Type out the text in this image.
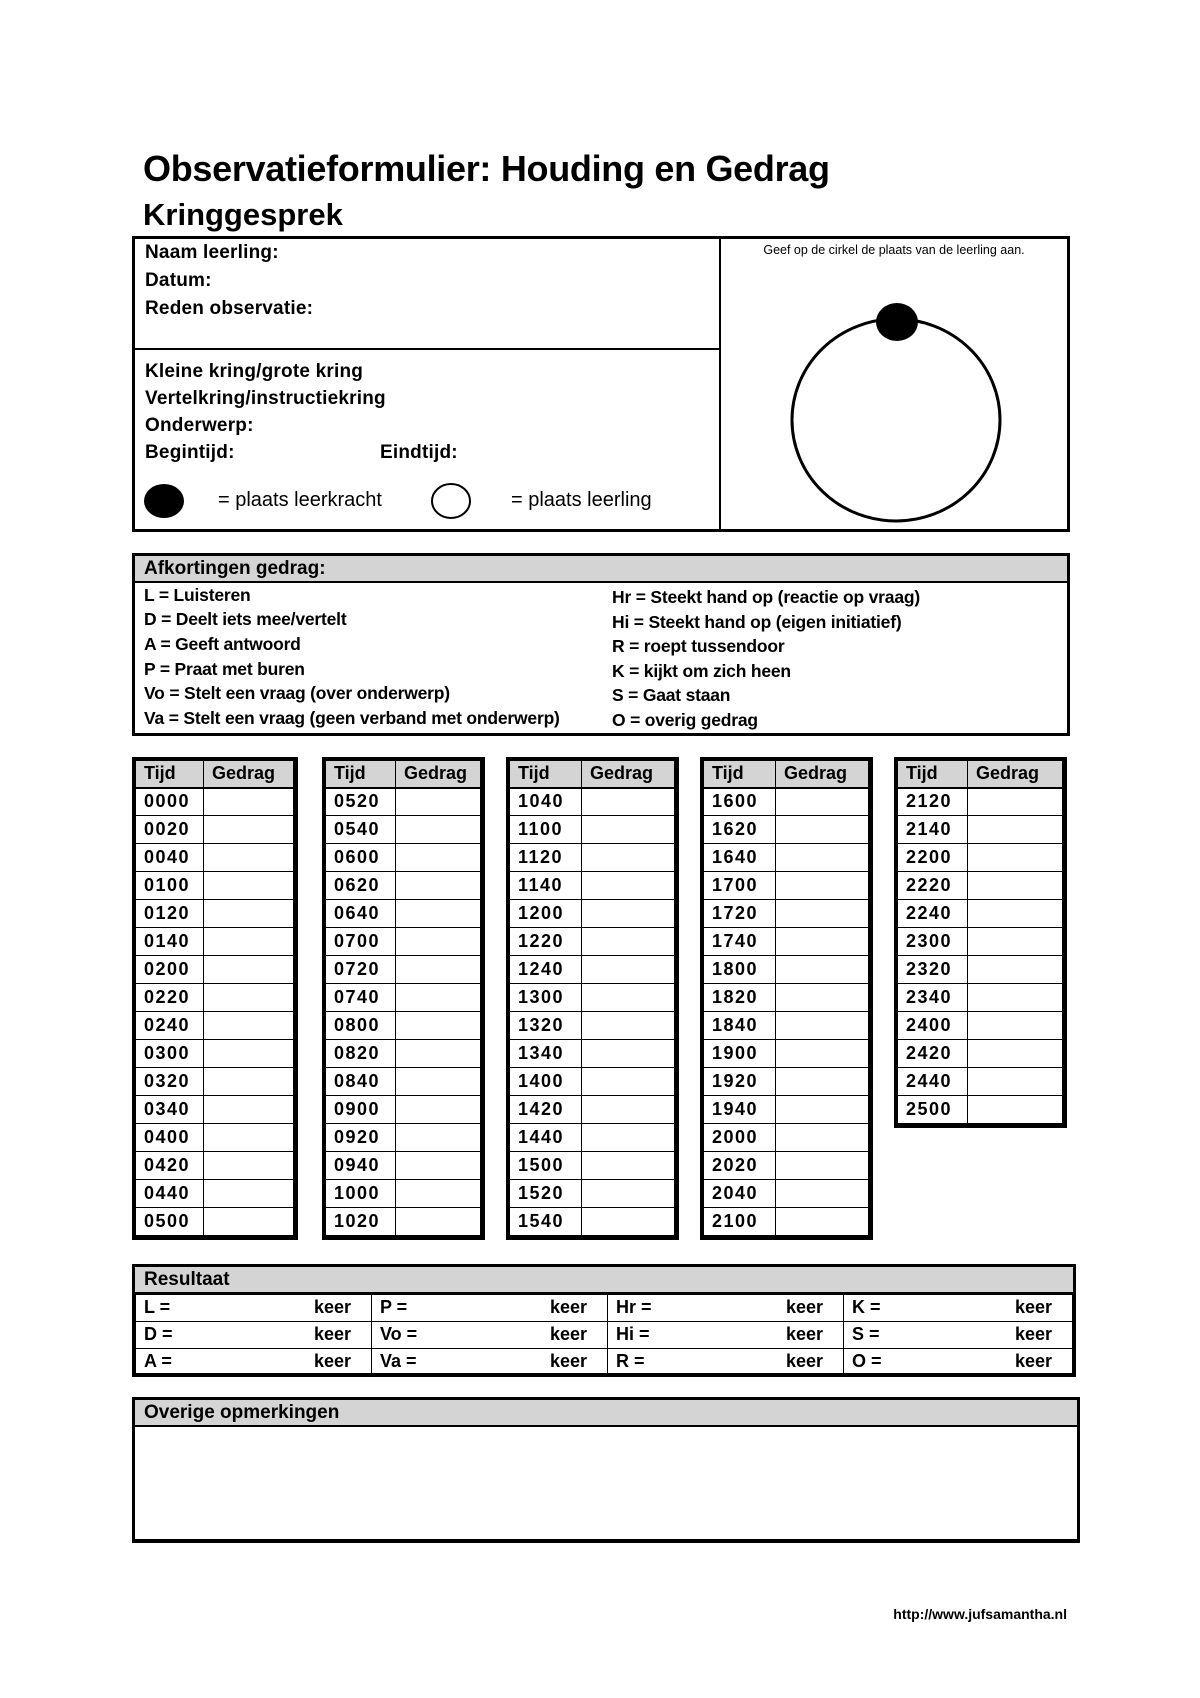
Observatieformulier: Houding en Gedrag
Kringgesprek
Naam leerling:
Datum:
Reden observatie:
Kleine kring/grote kring
Vertelkring/instructiekring
Onderwerp:
Begintijd:	Eindtijd:
= plaats leerkracht	= plaats leerling
Geef op de cirkel de plaats van de leerling aan.
Afkortingen gedrag:
L = Luisteren
D = Deelt iets mee/vertelt
A = Geeft antwoord
P = Praat met buren
Vo = Stelt een vraag (over onderwerp)
Va = Stelt een vraag (geen verband met onderwerp)
Hr = Steekt hand op (reactie op vraag)
Hi = Steekt hand op (eigen initiatief)
R = roept tussendoor
K = kijkt om zich heen
S = Gaat staan
O = overig gedrag
Tijd	Gedrag
0000	
0020	
0040	
0100	
0120	
0140	
0200	
0220	
0240	
0300	
0320	
0340	
0400	
0420	
0440	
0500	
Tijd	Gedrag
0520	
0540	
0600	
0620	
0640	
0700	
0720	
0740	
0800	
0820	
0840	
0900	
0920	
0940	
1000	
1020	
Tijd	Gedrag
1040	
1100	
1120	
1140	
1200	
1220	
1240	
1300	
1320	
1340	
1400	
1420	
1440	
1500	
1520	
1540	
Tijd	Gedrag
1600	
1620	
1640	
1700	
1720	
1740	
1800	
1820	
1840	
1900	
1920	
1940	
2000	
2020	
2040	
2100	
Tijd	Gedrag
2120	
2140	
2200	
2220	
2240	
2300	
2320	
2340	
2400	
2420	
2440	
2500	
Resultaat
L = keer	P = keer	Hr = keer	K = keer

D = keer	Vo = keer	Hi = keer	S = keer

A = keer	Va = keer	R = keer	O = keer
Overige opmerkingen
http://www.jufsamantha.nl
